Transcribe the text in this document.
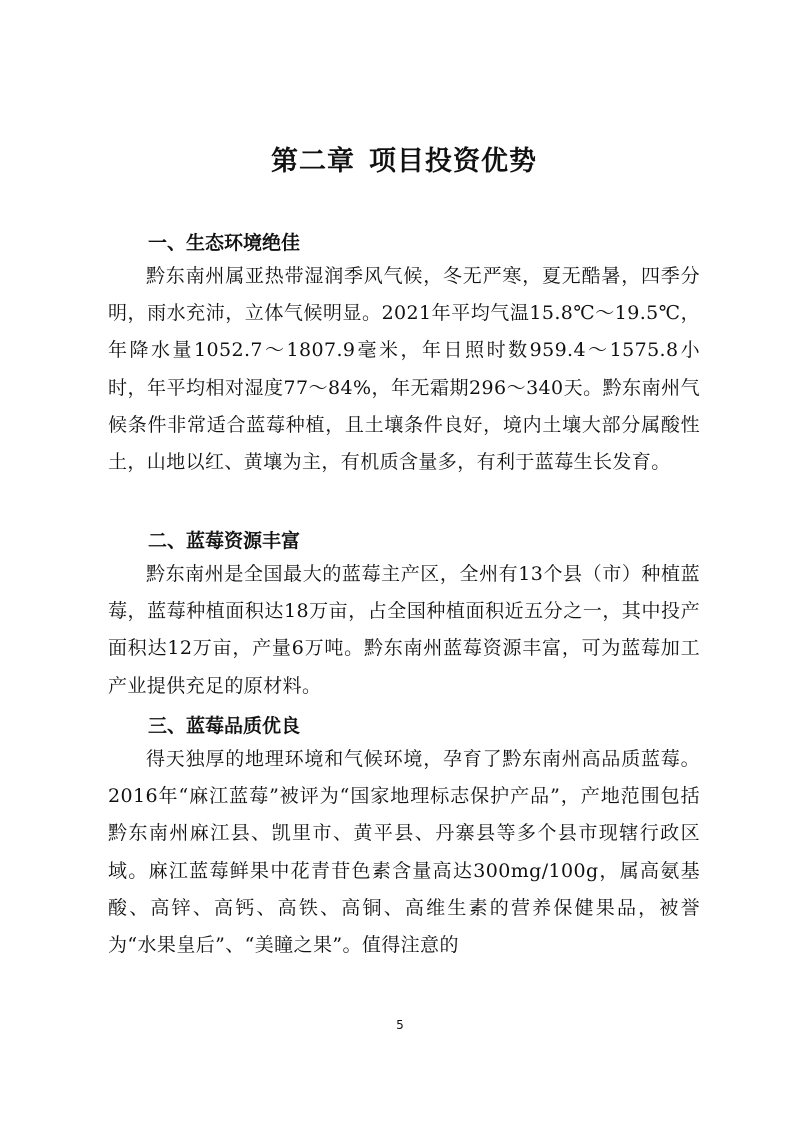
第二章 项目投资优势
一、生态环境绝佳

黔东南州属亚热带湿润季风气候，冬无严寒，夏无酷暑，四季分明，雨水充沛，立体气候明显。2021年平均气温15.8℃～19.5℃，年降水量1052.7～1807.9毫米，年日照时数959.4～1575.8小时，年平均相对湿度77～84%，年无霜期296～340天。黔东南州气候条件非常适合蓝莓种植，且土壤条件良好，境内土壤大部分属酸性土，山地以红、黄壤为主，有机质含量多，有利于蓝莓生长发育。

二、蓝莓资源丰富

黔东南州是全国最大的蓝莓主产区，全州有13个县（市）种植蓝莓，蓝莓种植面积达18万亩，占全国种植面积近五分之一，其中投产面积达12万亩，产量6万吨。黔东南州蓝莓资源丰富，可为蓝莓加工产业提供充足的原材料。

三、蓝莓品质优良

得天独厚的地理环境和气候环境，孕育了黔东南州高品质蓝莓。2016年“麻江蓝莓”被评为“国家地理标志保护产品”，产地范围包括黔东南州麻江县、凯里市、黄平县、丹寨县等多个县市现辖行政区域。麻江蓝莓鲜果中花青苷色素含量高达300mg/100g，属高氨基酸、高锌、高钙、高铁、高铜、高维生素的营养保健果品，被誉为“水果皇后”、“美瞳之果”。值得注意的

5
